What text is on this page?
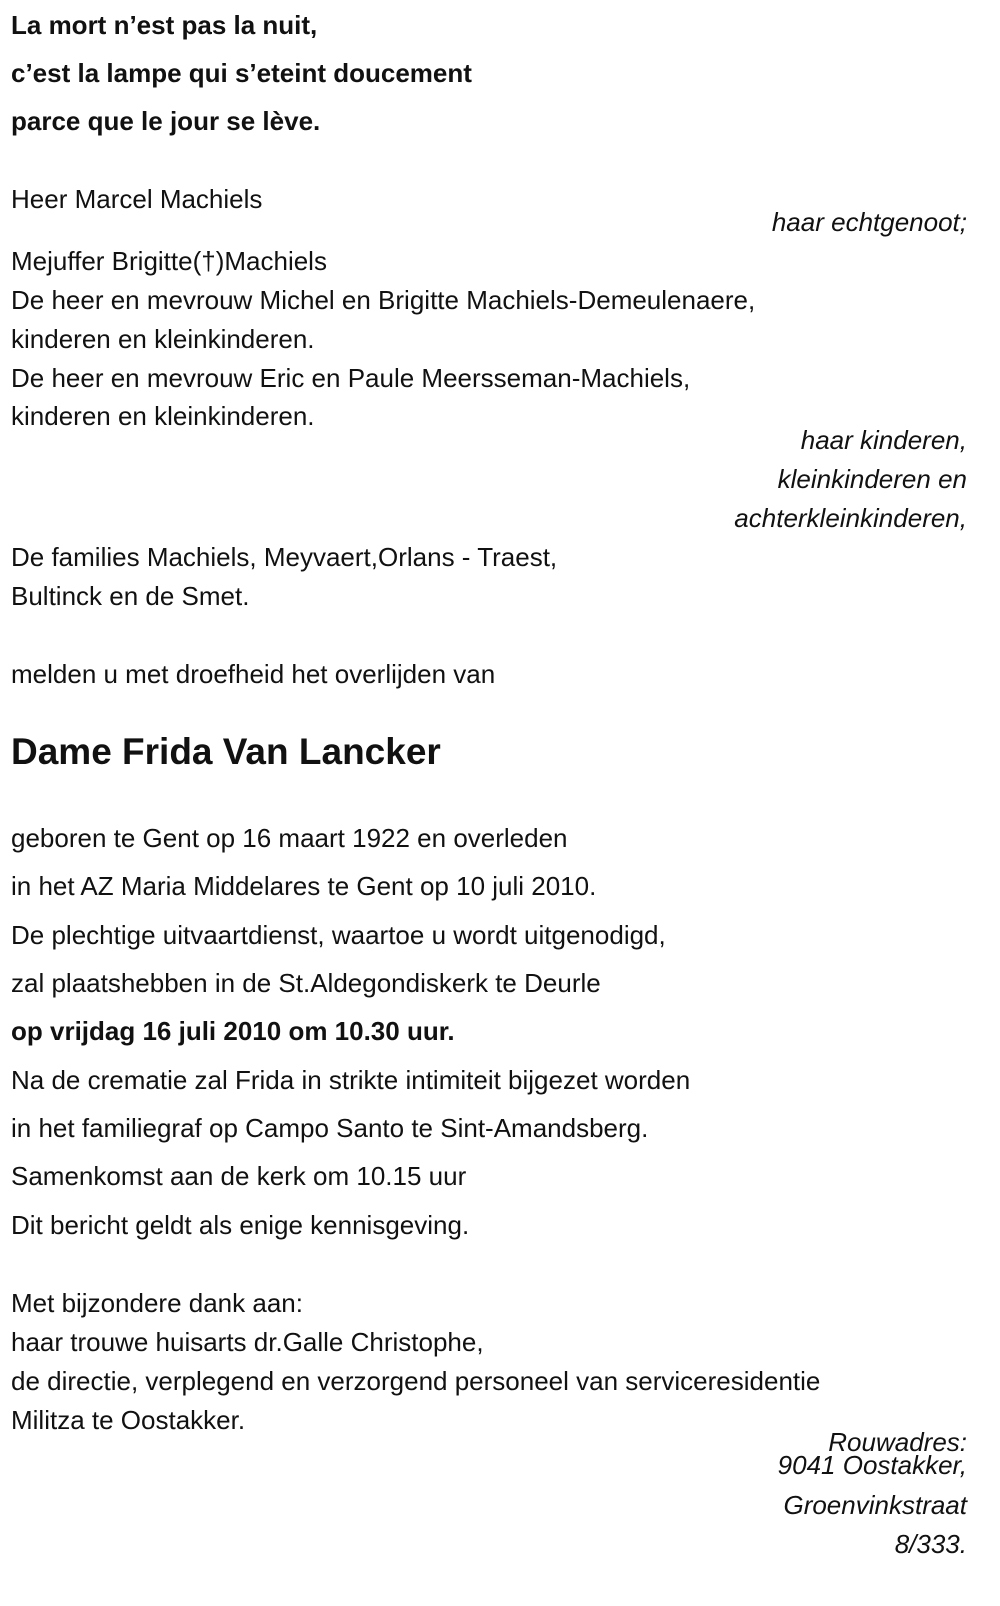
La mort n’est pas la nuit,
c’est la lampe qui s’eteint doucement
parce que le jour se lève.
Heer Marcel Machiels
haar echtgenoot;
Mejuffer Brigitte(†)Machiels
De heer en mevrouw Michel en Brigitte Machiels-Demeulenaere,
kinderen en kleinkinderen.
De heer en mevrouw Eric en Paule Meersseman-Machiels,
kinderen en kleinkinderen.
haar kinderen,
kleinkinderen en
achterkleinkinderen,
De families Machiels, Meyvaert,Orlans - Traest,
Bultinck en de Smet.
melden u met droefheid het overlijden van
Dame Frida Van Lancker
geboren te Gent op 16 maart 1922 en overleden
in het AZ Maria Middelares te Gent op 10 juli 2010.
De plechtige uitvaartdienst, waartoe u wordt uitgenodigd,
zal plaatshebben in de St.Aldegondiskerk te Deurle
op vrijdag 16 juli 2010 om 10.30 uur.
Na de crematie zal Frida in strikte intimiteit bijgezet worden
in het familiegraf op Campo Santo te Sint-Amandsberg.
Samenkomst aan de kerk om 10.15 uur
Dit bericht geldt als enige kennisgeving.
Met bijzondere dank aan:
haar trouwe huisarts dr.Galle Christophe,
de directie, verplegend en verzorgend personeel van serviceresidentie
Militza te Oostakker.
Rouwadres:
9041 Oostakker,
Groenvinkstraat
8/333.
